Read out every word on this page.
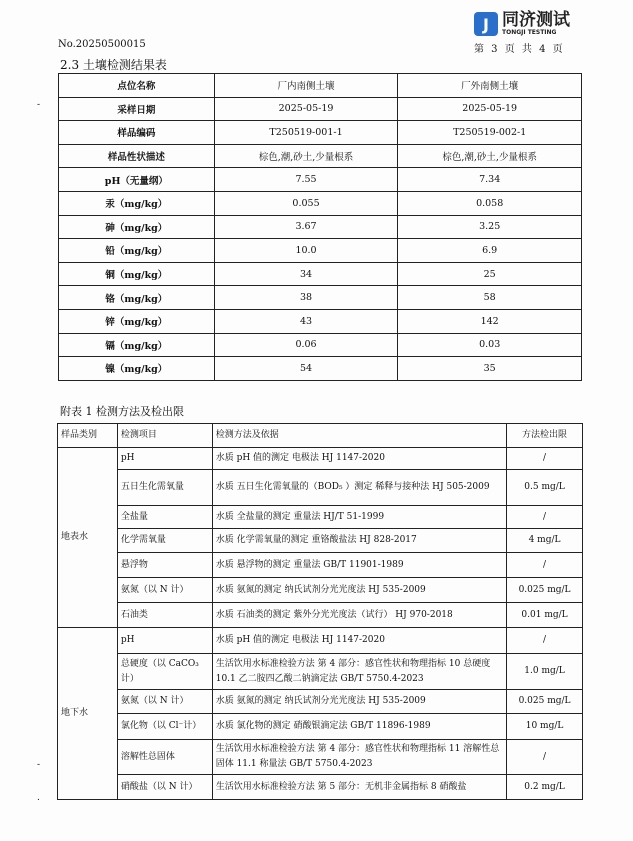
J 同济测试
TONGJI TESTING
No.20250500015	第 3 页 共 4 页
2.3 土壤检测结果表
-
点位名称	厂内南侧土壤	厂外南侧土壤
采样日期	2025-05-19	2025-05-19
样品编码	T250519-001-1	T250519-002-1
样品性状描述	棕色,潮,砂土,少量根系	棕色,潮,砂土,少量根系
pH（无量纲）	7.55	7.34
汞（mg/kg）	0.055	0.058
砷（mg/kg）	3.67	3.25
铅（mg/kg）	10.0	6.9
铜（mg/kg）	34	25
铬（mg/kg）	38	58
锌（mg/kg）	43	142
镉（mg/kg）	0.06	0.03
镍（mg/kg）	54	35
附表 1 检测方法及检出限
样品类别	检测项目	检测方法及依据	方法检出限
地表水	pH	水质 pH 值的测定 电极法 HJ 1147-2020	/
	五日生化需氧量	水质 五日生化需氧量的（BOD₅ ）测定 稀释与接种法 HJ 505-2009	0.5 mg/L
	全盐量	水质 全盐量的测定 重量法 HJ/T 51-1999	/
	化学需氧量	水质 化学需氧量的测定 重铬酸盐法 HJ 828-2017	4 mg/L
	悬浮物	水质 悬浮物的测定 重量法 GB/T 11901-1989	/
	氨氮（以 N 计）	水质 氨氮的测定 纳氏试剂分光光度法 HJ 535-2009	0.025 mg/L
	石油类	水质 石油类的测定 紫外分光光度法（试行） HJ 970-2018	0.01 mg/L
地下水	pH	水质 pH 值的测定 电极法 HJ 1147-2020	/
	总硬度（以 CaCO₃ 计）	生活饮用水标准检验方法 第 4 部分：感官性状和物理指标 10 总硬度 10.1 乙二胺四乙酸二钠滴定法 GB/T 5750.4-2023	1.0 mg/L
	氨氮（以 N 计）	水质 氨氮的测定 纳氏试剂分光光度法 HJ 535-2009	0.025 mg/L
	氯化物（以 Cl⁻计）	水质 氯化物的测定 硝酸银滴定法 GB/T 11896-1989	10 mg/L
	溶解性总固体	生活饮用水标准检验方法 第 4 部分：感官性状和物理指标 11 溶解性总固体 11.1 称量法 GB/T 5750.4-2023	/
	硝酸盐（以 N 计）	生活饮用水标准检验方法 第 5 部分：无机非金属指标 8 硝酸盐	0.2 mg/L
-
.
